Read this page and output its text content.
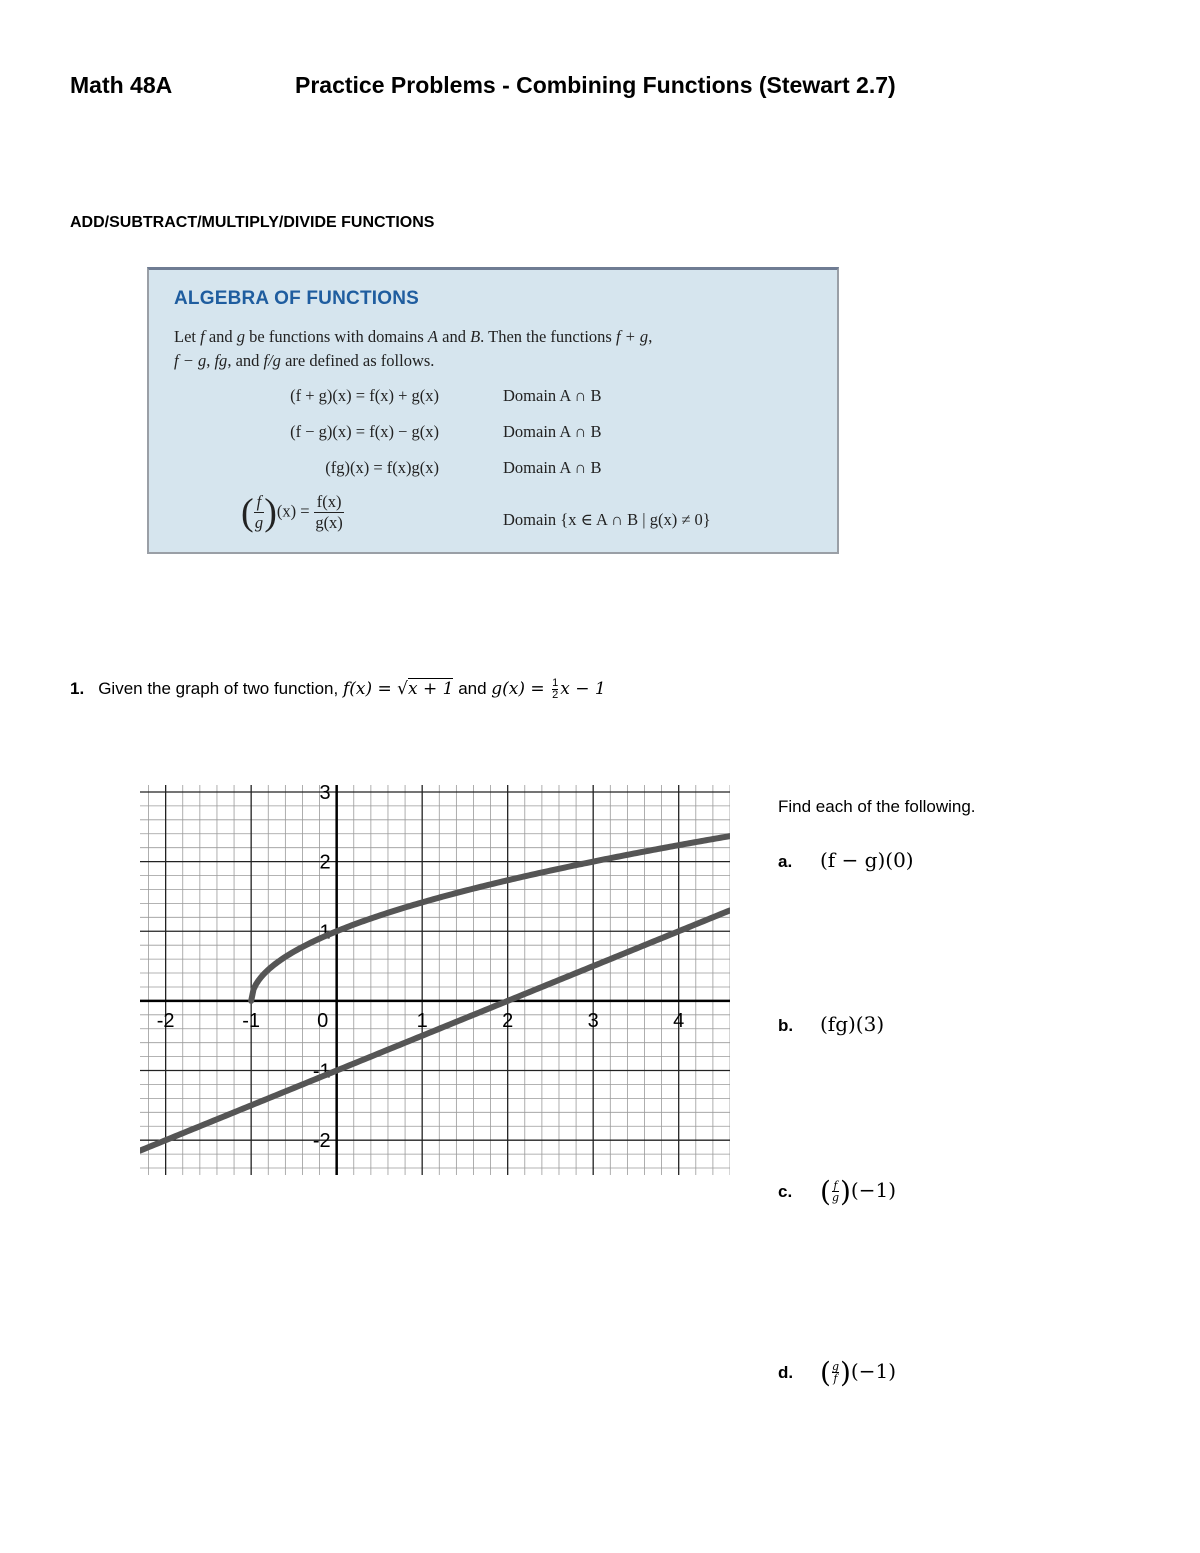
Math 48A	Practice Problems - Combining Functions (Stewart 2.7)
ADD/SUBTRACT/MULTIPLY/DIVIDE FUNCTIONS
ALGEBRA OF FUNCTIONS
Let f and g be functions with domains A and B. Then the functions f + g,
f − g, fg, and f/g are defined as follows.
(f + g)(x) = f(x) + g(x)	Domain A ∩ B
(f − g)(x) = f(x) − g(x)	Domain A ∩ B
(fg)(x) = f(x)g(x)	Domain A ∩ B
( $\frac{f}{g} )(x) = \frac{f(x)}{g(x)}$	Domain {x ∈ A ∩ B | g(x) ≠ 0}
1. Given the graph of two function, f(x) = √x + 1 and $g(x) = \frac{1}{2}$ x − 1
-2	-1	0	1	2	3	4
3
2
1
-1
-2
Find each of the following.
a. (f − g)(0)
b. (fg)(3)
c. ( $\frac{f}{g} )(-1)$
d. ( $\frac{g}{f} )(-1)$
